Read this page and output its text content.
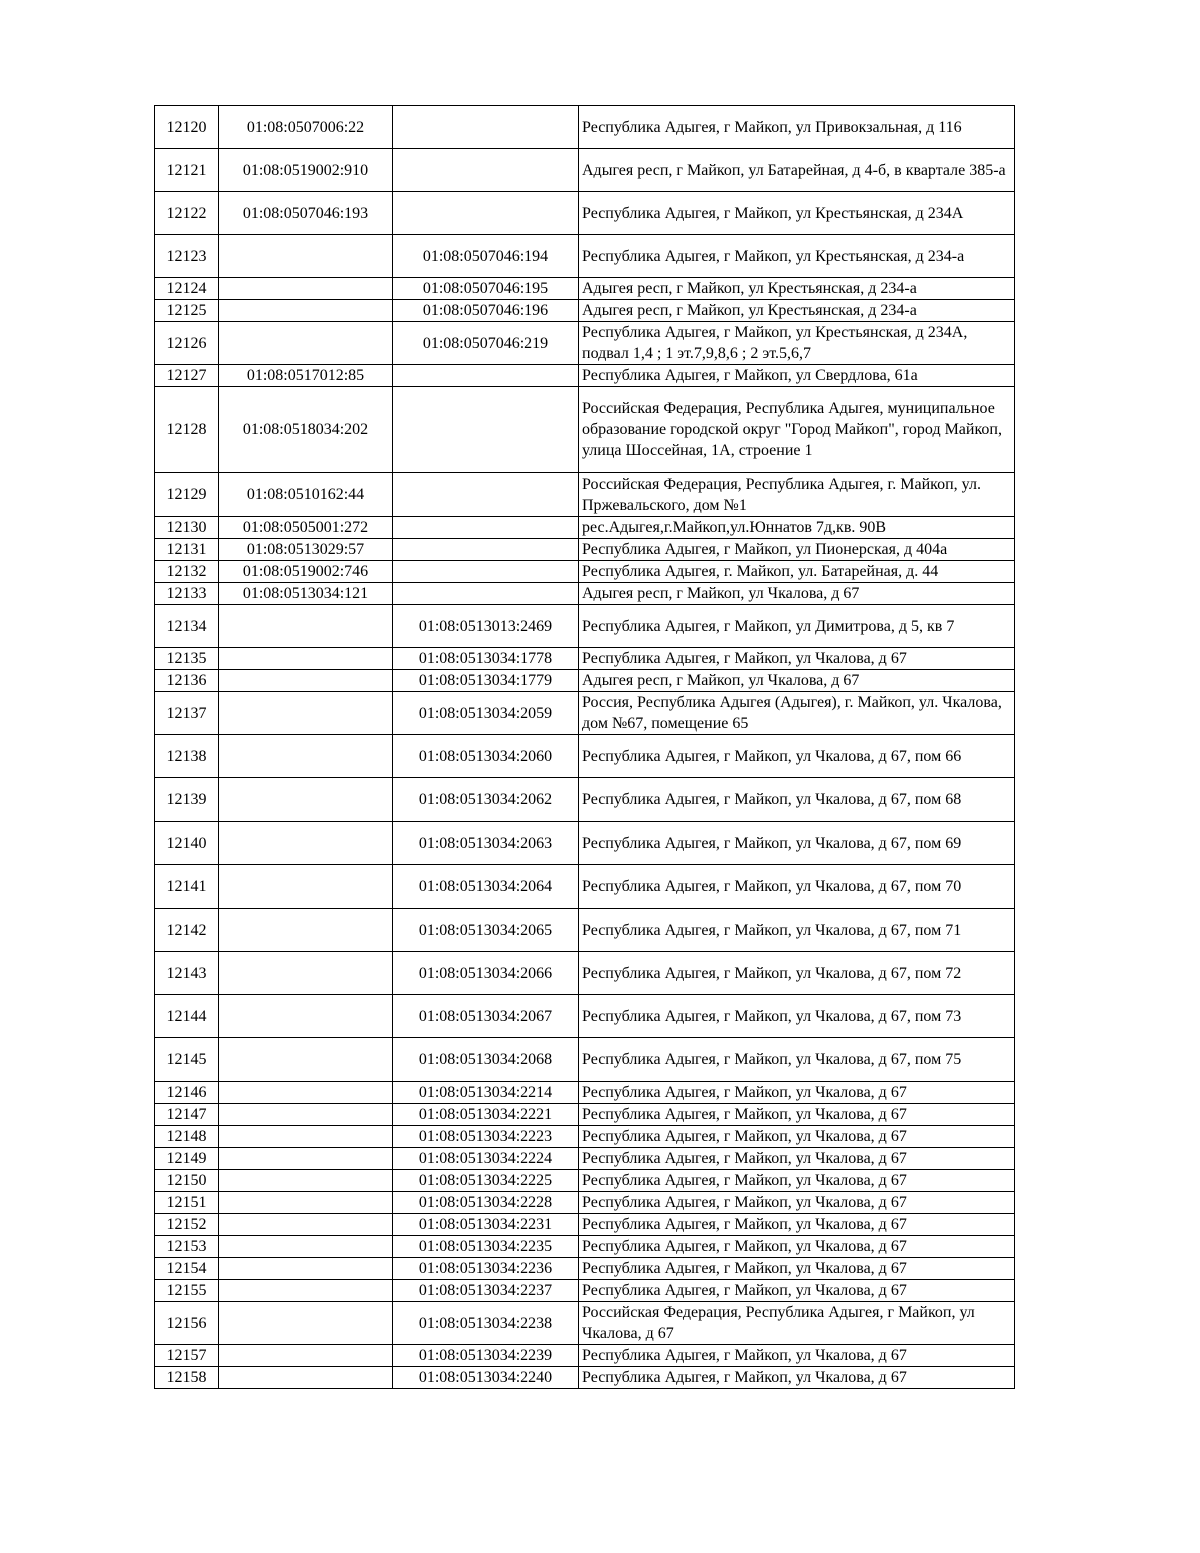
12120	01:08:0507006:22		Республика Адыгея, г Майкоп, ул Привокзальная, д 116
12121	01:08:0519002:910		Адыгея респ, г Майкоп, ул Батарейная, д 4-б, в квартале 385-а
12122	01:08:0507046:193		Республика Адыгея, г Майкоп, ул Крестьянская, д 234А
12123		01:08:0507046:194	Республика Адыгея, г Майкоп, ул Крестьянская, д 234-а
12124		01:08:0507046:195	Адыгея респ, г Майкоп, ул Крестьянская, д 234-а
12125		01:08:0507046:196	Адыгея респ, г Майкоп, ул Крестьянская, д 234-а
12126		01:08:0507046:219	Республика Адыгея, г Майкоп, ул Крестьянская, д 234А, подвал 1,4 ; 1 эт.7,9,8,6 ; 2 эт.5,6,7
12127	01:08:0517012:85		Республика Адыгея, г Майкоп, ул Свердлова, 61а
12128	01:08:0518034:202		Российская Федерация, Республика Адыгея, муниципальное образование городской округ "Город Майкоп", город Майкоп, улица Шоссейная, 1А, строение 1
12129	01:08:0510162:44		Российская Федерация, Республика Адыгея, г. Майкоп, ул. Пржевальского, дом №1
12130	01:08:0505001:272		рес.Адыгея,г.Майкоп,ул.Юннатов 7д,кв. 90В
12131	01:08:0513029:57		Республика Адыгея, г Майкоп, ул Пионерская, д 404а
12132	01:08:0519002:746		Республика Адыгея, г. Майкоп, ул. Батарейная, д. 44
12133	01:08:0513034:121		Адыгея респ, г Майкоп, ул Чкалова, д 67
12134		01:08:0513013:2469	Республика Адыгея, г Майкоп, ул Димитрова, д 5, кв 7
12135		01:08:0513034:1778	Республика Адыгея, г Майкоп, ул Чкалова, д 67
12136		01:08:0513034:1779	Адыгея респ, г Майкоп, ул Чкалова, д 67
12137		01:08:0513034:2059	Россия, Республика Адыгея (Адыгея), г. Майкоп, ул. Чкалова, дом №67, помещение 65
12138		01:08:0513034:2060	Республика Адыгея, г Майкоп, ул Чкалова, д 67, пом 66
12139		01:08:0513034:2062	Республика Адыгея, г Майкоп, ул Чкалова, д 67, пом 68
12140		01:08:0513034:2063	Республика Адыгея, г Майкоп, ул Чкалова, д 67, пом 69
12141		01:08:0513034:2064	Республика Адыгея, г Майкоп, ул Чкалова, д 67, пом 70
12142		01:08:0513034:2065	Республика Адыгея, г Майкоп, ул Чкалова, д 67, пом 71
12143		01:08:0513034:2066	Республика Адыгея, г Майкоп, ул Чкалова, д 67, пом 72
12144		01:08:0513034:2067	Республика Адыгея, г Майкоп, ул Чкалова, д 67, пом 73
12145		01:08:0513034:2068	Республика Адыгея, г Майкоп, ул Чкалова, д 67, пом 75
12146		01:08:0513034:2214	Республика Адыгея, г Майкоп, ул Чкалова, д 67
12147		01:08:0513034:2221	Республика Адыгея, г Майкоп, ул Чкалова, д 67
12148		01:08:0513034:2223	Республика Адыгея, г Майкоп, ул Чкалова, д 67
12149		01:08:0513034:2224	Республика Адыгея, г Майкоп, ул Чкалова, д 67
12150		01:08:0513034:2225	Республика Адыгея, г Майкоп, ул Чкалова, д 67
12151		01:08:0513034:2228	Республика Адыгея, г Майкоп, ул Чкалова, д 67
12152		01:08:0513034:2231	Республика Адыгея, г Майкоп, ул Чкалова, д 67
12153		01:08:0513034:2235	Республика Адыгея, г Майкоп, ул Чкалова, д 67
12154		01:08:0513034:2236	Республика Адыгея, г Майкоп, ул Чкалова, д 67
12155		01:08:0513034:2237	Республика Адыгея, г Майкоп, ул Чкалова, д 67
12156		01:08:0513034:2238	Российская Федерация, Республика Адыгея, г Майкоп, ул Чкалова, д 67
12157		01:08:0513034:2239	Республика Адыгея, г Майкоп, ул Чкалова, д 67
12158		01:08:0513034:2240	Республика Адыгея, г Майкоп, ул Чкалова, д 67
